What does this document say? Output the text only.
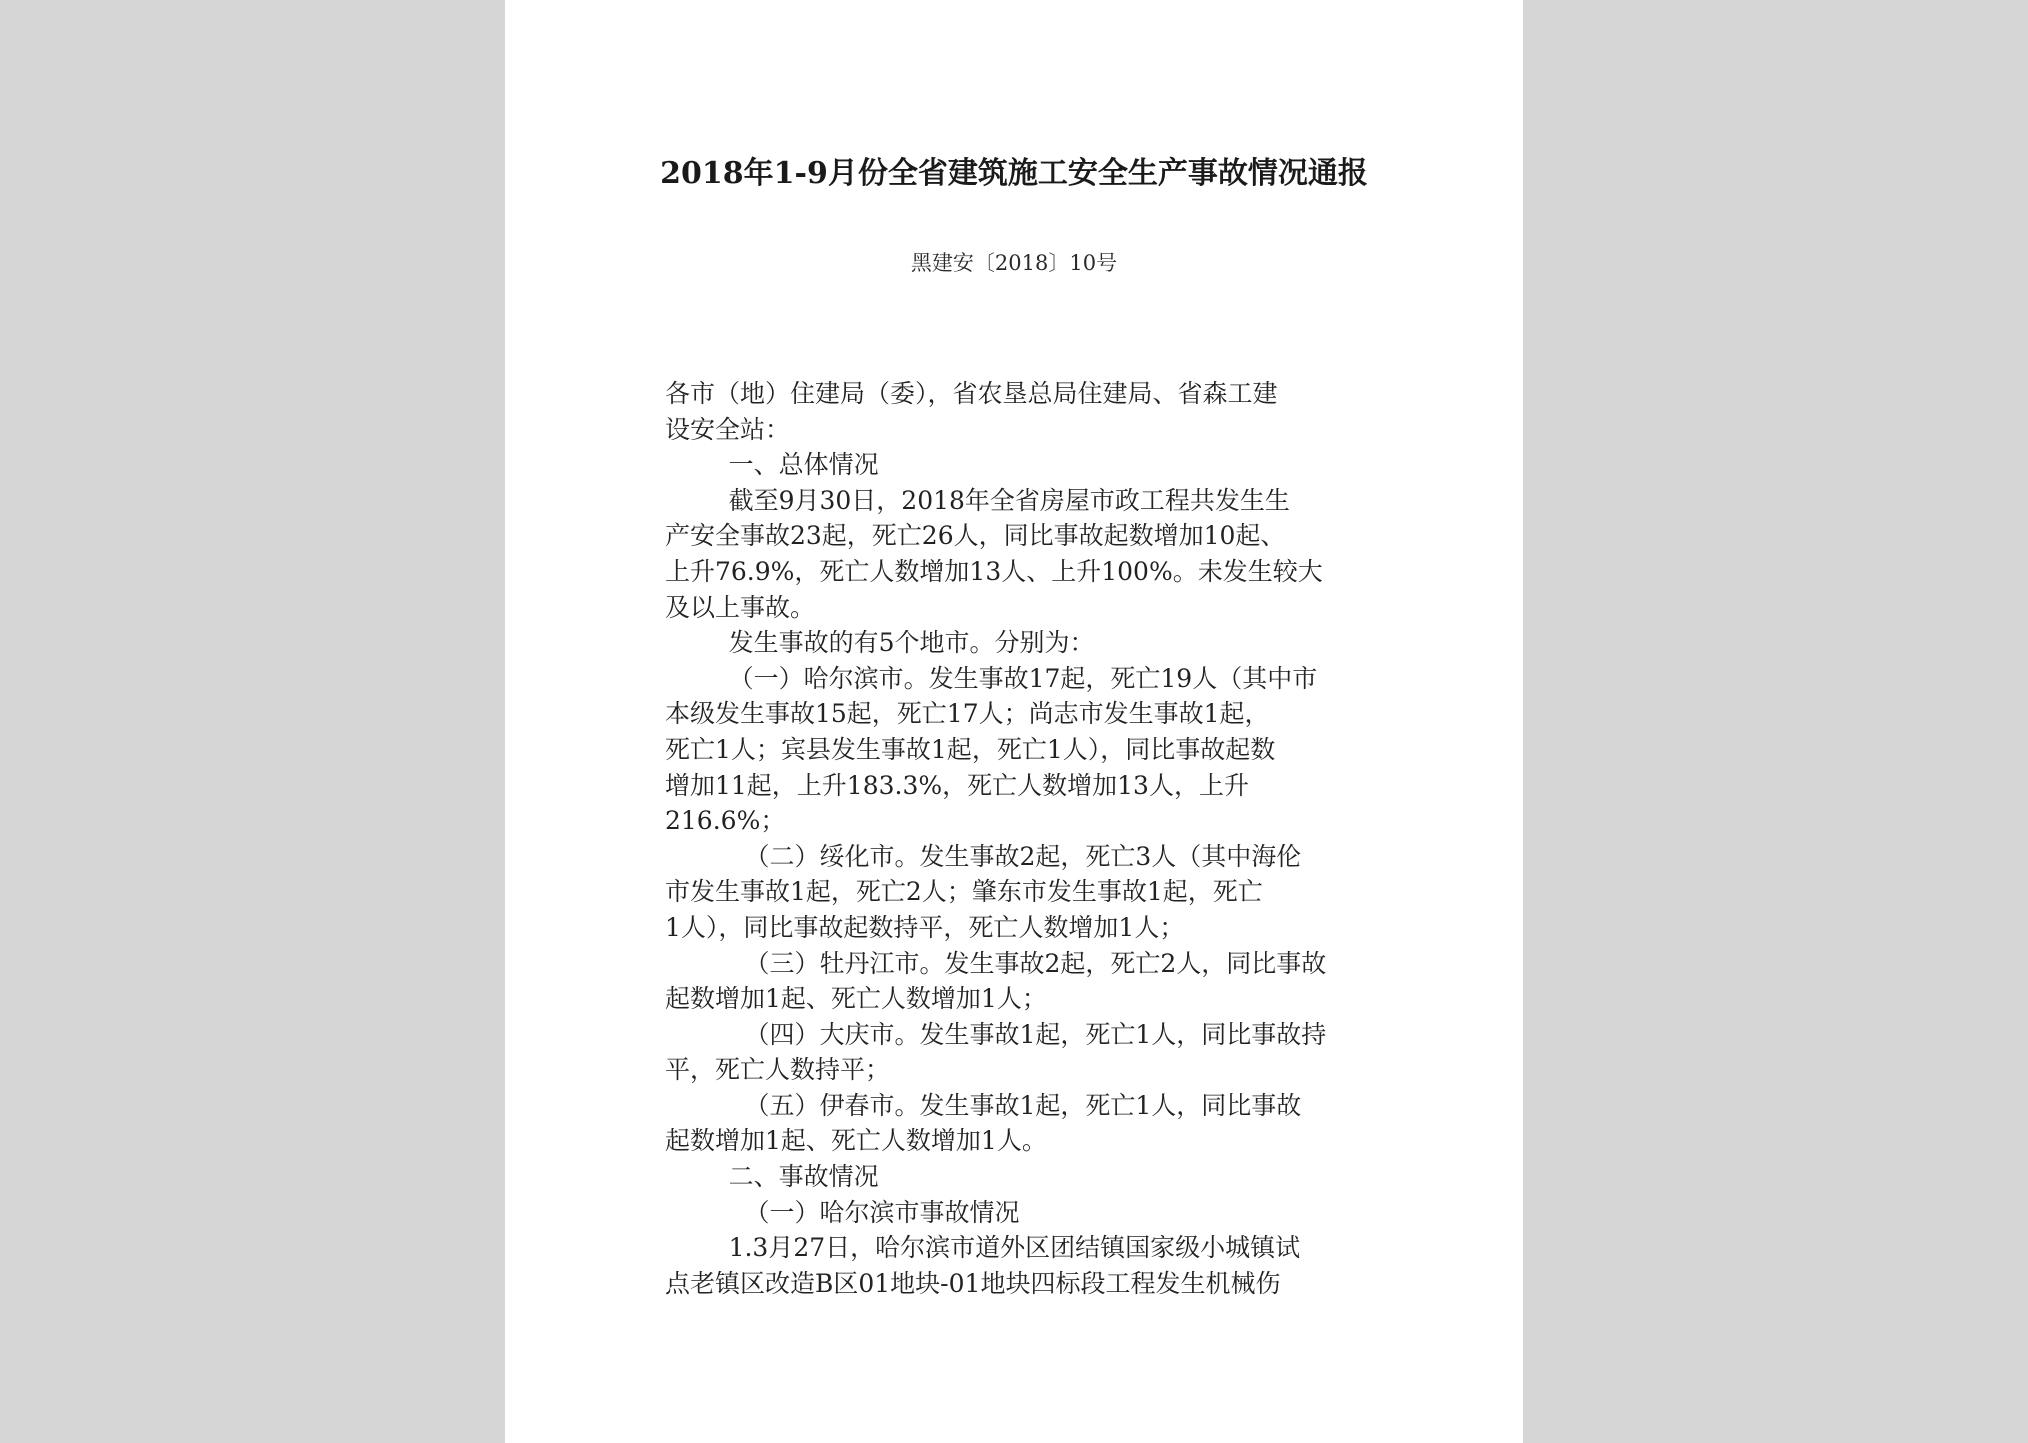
2018年1-9月份全省建筑施工安全生产事故情况通报
黑建安〔2018〕10号

各市（地）住建局（委），省农垦总局住建局、省森工建

设安全站：

一、总体情况

截至9月30日，2018年全省房屋市政工程共发生生

产安全事故23起，死亡26人，同比事故起数增加10起、

上升76.9%，死亡人数增加13人、上升100%。未发生较大

及以上事故。

发生事故的有5个地市。分别为：

（一）哈尔滨市。发生事故17起，死亡19人（其中市

本级发生事故15起，死亡17人；尚志市发生事故1起，

死亡1人；宾县发生事故1起，死亡1人），同比事故起数

增加11起，上升183.3%，死亡人数增加13人，上升

216.6%；

（二）绥化市。发生事故2起，死亡3人（其中海伦

市发生事故1起，死亡2人；肇东市发生事故1起，死亡

1人），同比事故起数持平，死亡人数增加1人；

（三）牡丹江市。发生事故2起，死亡2人，同比事故

起数增加1起、死亡人数增加1人；

（四）大庆市。发生事故1起，死亡1人，同比事故持

平，死亡人数持平；

（五）伊春市。发生事故1起，死亡1人，同比事故

起数增加1起、死亡人数增加1人。

二、事故情况

（一）哈尔滨市事故情况

1.3月27日，哈尔滨市道外区团结镇国家级小城镇试

点老镇区改造B区01地块-01地块四标段工程发生机械伤
